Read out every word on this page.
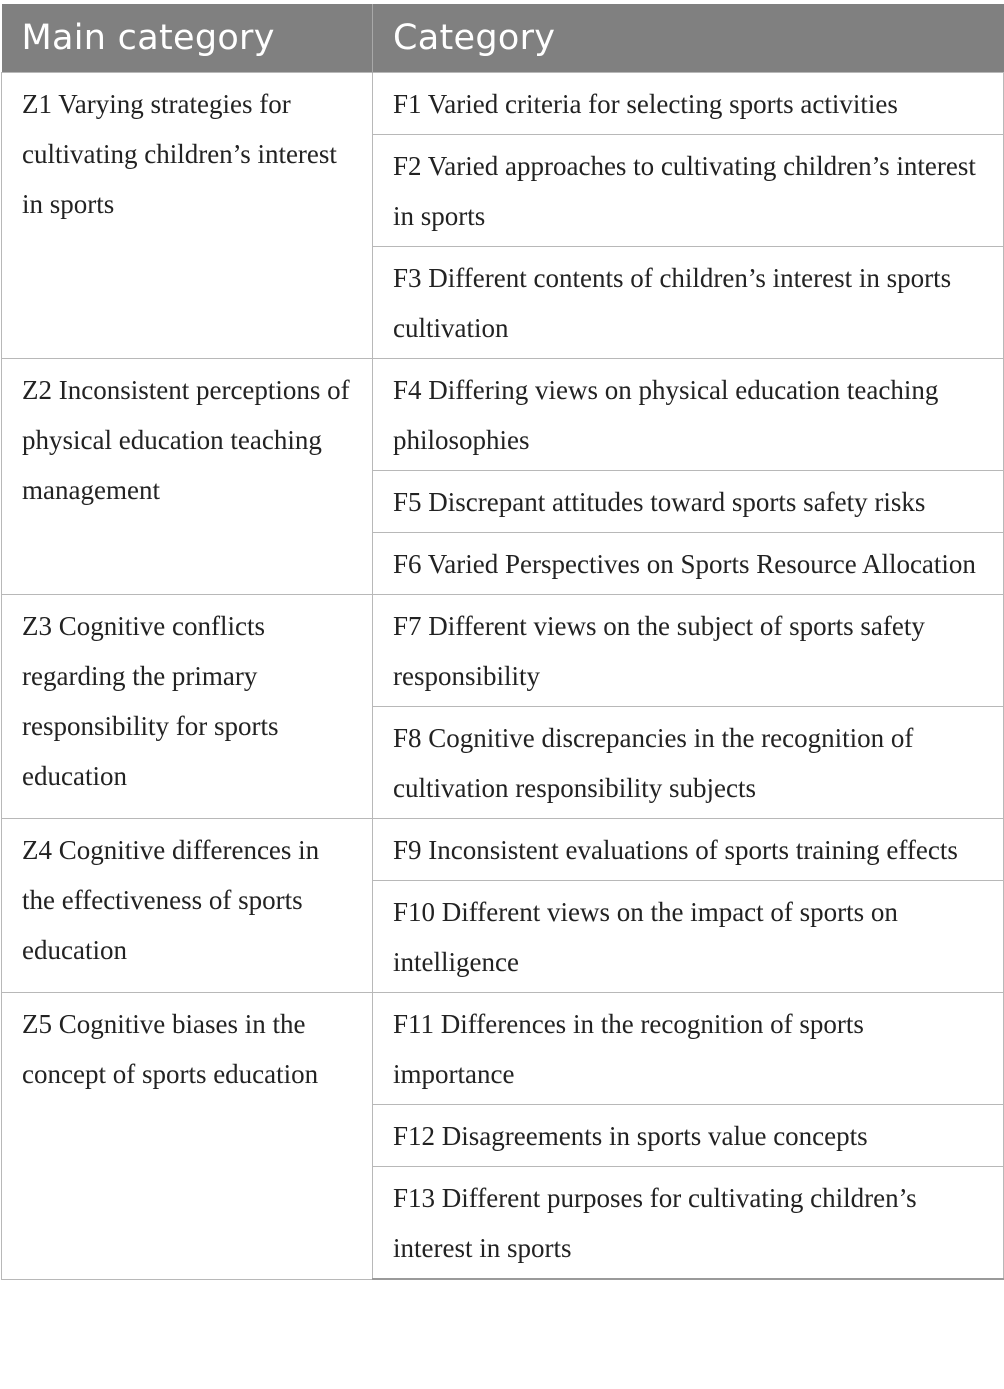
Main category	Category
Z1 Varying strategies for cultivating children’s interest in sports	F1 Varied criteria for selecting sports activities
	F2 Varied approaches to cultivating children’s interest in sports
	F3 Different contents of children’s interest in sports cultivation
Z2 Inconsistent perceptions of physical education teaching management	F4 Differing views on physical education teaching philosophies
	F5 Discrepant attitudes toward sports safety risks
	F6 Varied Perspectives on Sports Resource Allocation
Z3 Cognitive conflicts regarding the primary responsibility for sports education	F7 Different views on the subject of sports safety responsibility
	F8 Cognitive discrepancies in the recognition of cultivation responsibility subjects
Z4 Cognitive differences in the effectiveness of sports education	F9 Inconsistent evaluations of sports training effects
	F10 Different views on the impact of sports on intelligence
Z5 Cognitive biases in the concept of sports education	F11 Differences in the recognition of sports importance
	F12 Disagreements in sports value concepts
	F13 Different purposes for cultivating children’s interest in sports
